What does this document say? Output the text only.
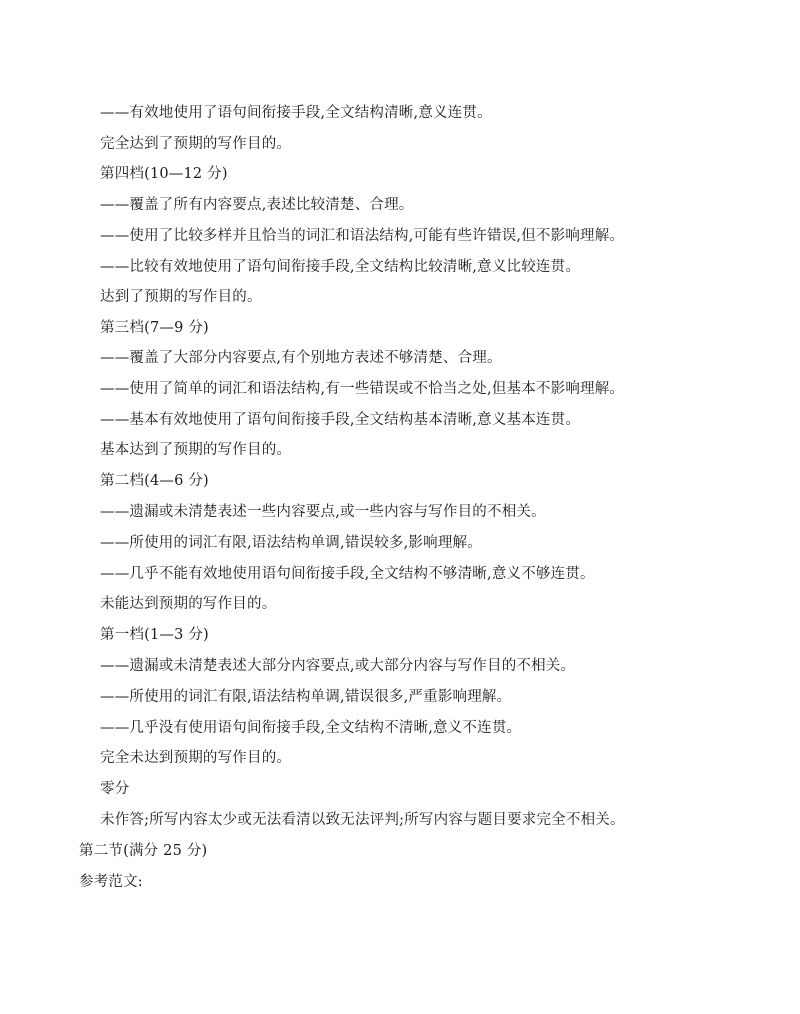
——有效地使用了语句间衔接手段,全文结构清晰,意义连贯。
完全达到了预期的写作目的。
第四档(10—12 分)
——覆盖了所有内容要点,表述比较清楚、合理。
——使用了比较多样并且恰当的词汇和语法结构,可能有些许错误,但不影响理解。
——比较有效地使用了语句间衔接手段,全文结构比较清晰,意义比较连贯。
达到了预期的写作目的。
第三档(7—9 分)
——覆盖了大部分内容要点,有个别地方表述不够清楚、合理。
——使用了简单的词汇和语法结构,有一些错误或不恰当之处,但基本不影响理解。
——基本有效地使用了语句间衔接手段,全文结构基本清晰,意义基本连贯。
基本达到了预期的写作目的。
第二档(4—6 分)
——遗漏或未清楚表述一些内容要点,或一些内容与写作目的不相关。
——所使用的词汇有限,语法结构单调,错误较多,影响理解。
——几乎不能有效地使用语句间衔接手段,全文结构不够清晰,意义不够连贯。
未能达到预期的写作目的。
第一档(1—3 分)
——遗漏或未清楚表述大部分内容要点,或大部分内容与写作目的不相关。
——所使用的词汇有限,语法结构单调,错误很多,严重影响理解。
——几乎没有使用语句间衔接手段,全文结构不清晰,意义不连贯。
完全未达到预期的写作目的。
零分
未作答;所写内容太少或无法看清以致无法评判;所写内容与题目要求完全不相关。
第二节(满分 25 分)
参考范文:
